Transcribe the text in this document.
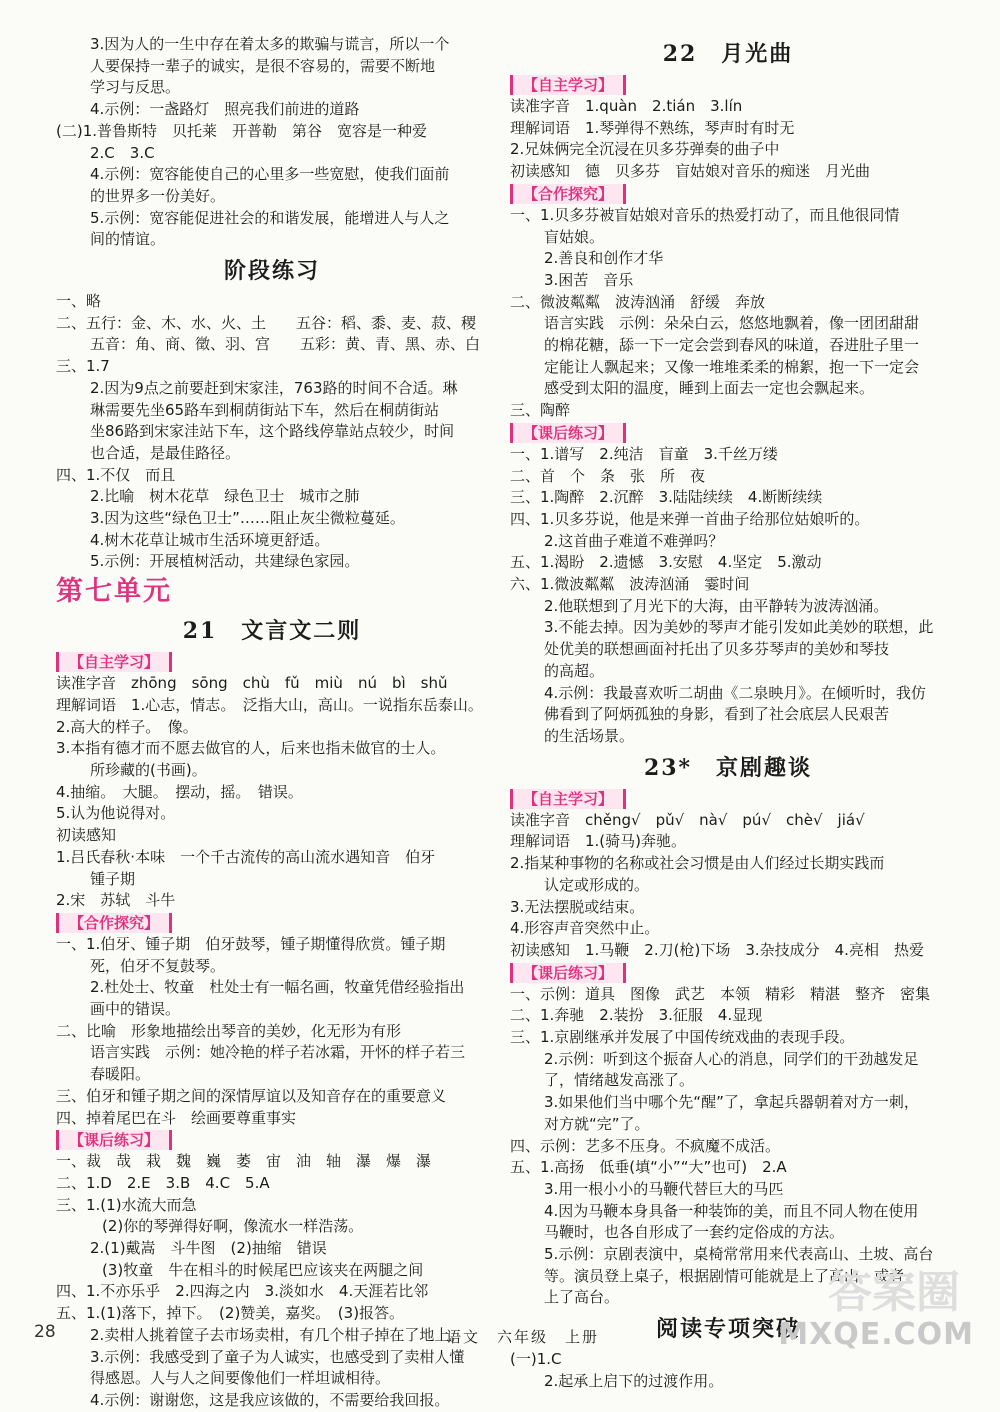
3.因为人的一生中存在着太多的欺骗与谎言，所以一个
人要保持一辈子的诚实，是很不容易的，需要不断地
学习与反思。
4.示例：一盏路灯　照亮我们前进的道路
(二)1.普鲁斯特　贝托莱　开普勒　第谷　宽容是一种爱
2.C　3.C
4.示例：宽容能使自己的心里多一些宽慰，使我们面前
的世界多一份美好。
5.示例：宽容能促进社会的和谐发展，能增进人与人之
间的情谊。
阶段练习
一、略
二、五行：金、木、水、火、土　　五谷：稻、黍、麦、菽、稷
五音：角、商、徵、羽、宫　　五彩：黄、青、黑、赤、白
三、1.7
2.因为9点之前要赶到宋家洼，763路的时间不合适。琳
琳需要先坐65路车到桐荫街站下车，然后在桐荫街站
坐86路到宋家洼站下车，这个路线停靠站点较少，时间
也合适，是最佳路径。
四、1.不仅　而且
2.比喻　树木花草　绿色卫士　城市之肺
3.因为这些“绿色卫士”……阻止灰尘微粒蔓延。
4.树木花草让城市生活环境更舒适。
5.示例：开展植树活动，共建绿色家园。
第七单元
21　文言文二则
【自主学习】
读准字音　zhōng　sōng　chù　fǔ　miù　nú　bì　shǔ
理解词语　1.心志，情志。　泛指大山，高山。一说指东岳泰山。
2.高大的样子。　像。
3.本指有德才而不愿去做官的人，后来也指未做官的士人。
所珍藏的(书画)。
4.抽缩。　大腿。　摆动，摇。　错误。
5.认为他说得对。
初读感知
1.吕氏春秋·本味　一个千古流传的高山流水遇知音　伯牙
锺子期
2.宋　苏轼　斗牛
【合作探究】
一、1.伯牙、锺子期　伯牙鼓琴，锺子期懂得欣赏。锺子期
死，伯牙不复鼓琴。
2.杜处士、牧童　杜处士有一幅名画，牧童凭借经验指出
画中的错误。
二、比喻　形象地描绘出琴音的美妙，化无形为有形
语言实践　示例：她冷艳的样子若冰霜，开怀的样子若三
春暖阳。
三、伯牙和锺子期之间的深情厚谊以及知音存在的重要意义
四、掉着尾巴在斗　绘画要尊重事实
【课后练习】
一、裁　哉　栽　魏　巍　萎　宙　油　轴　瀑　爆　瀑
二、1.D　2.E　3.B　4.C　5.A
三、1.(1)水流大而急
(2)你的琴弹得好啊，像流水一样浩荡。
2.(1)戴嵩　斗牛图　(2)抽缩　错误
(3)牧童　牛在相斗的时候尾巴应该夹在两腿之间
四、1.不亦乐乎　2.四海之内　3.淡如水　4.天涯若比邻
五、1.(1)落下，掉下。　(2)赞美，嘉奖。　(3)报答。
2.卖柑人挑着筐子去市场卖柑，有几个柑子掉在了地上。
3.示例：我感受到了童子为人诚实，也感受到了卖柑人懂
得感恩。人与人之间要像他们一样坦诚相待。
4.示例：谢谢您，这是我应该做的，不需要给我回报。
22　月光曲
【自主学习】
读准字音　1.quàn　2.tián　3.lín
理解词语　1.琴弹得不熟练，琴声时有时无
2.兄妹俩完全沉浸在贝多芬弹奏的曲子中
初读感知　德　贝多芬　盲姑娘对音乐的痴迷　月光曲
【合作探究】
一、1.贝多芬被盲姑娘对音乐的热爱打动了，而且他很同情
盲姑娘。
2.善良和创作才华
3.困苦　音乐
二、微波粼粼　波涛汹涌　舒缓　奔放
语言实践　示例：朵朵白云，悠悠地飘着，像一团团甜甜
的棉花糖，舔一下一定会尝到春风的味道，吞进肚子里一
定能让人飘起来；又像一堆堆柔柔的棉絮，抱一下一定会
感受到太阳的温度，睡到上面去一定也会飘起来。
三、陶醉
【课后练习】
一、1.谱写　2.纯洁　盲童　3.千丝万缕
二、首　个　条　张　所　夜
三、1.陶醉　2.沉醉　3.陆陆续续　4.断断续续
四、1.贝多芬说，他是来弹一首曲子给那位姑娘听的。
2.这首曲子难道不难弹吗？
五、1.渴盼　2.遗憾　3.安慰　4.坚定　5.激动
六、1.微波粼粼　波涛汹涌　霎时间
2.他联想到了月光下的大海，由平静转为波涛汹涌。
3.不能去掉。因为美妙的琴声才能引发如此美妙的联想，此
处优美的联想画面衬托出了贝多芬琴声的美妙和琴技
的高超。
4.示例：我最喜欢听二胡曲《二泉映月》。在倾听时，我仿
佛看到了阿炳孤独的身影，看到了社会底层人民艰苦
的生活场景。
23*　京剧趣谈
【自主学习】
读准字音　chěng√　pǔ√　nà√　pú√　chè√　jiá√
理解词语　1.(骑马)奔驰。
2.指某种事物的名称或社会习惯是由人们经过长期实践而
认定或形成的。
3.无法摆脱或结束。
4.形容声音突然中止。
初读感知　1.马鞭　2.刀(枪)下场　3.杂技成分　4.亮相　热爱
【课后练习】
一、示例：道具　图像　武艺　本领　精彩　精湛　整齐　密集
二、1.奔驰　2.装扮　3.征服　4.显现
三、1.京剧继承并发展了中国传统戏曲的表现手段。
2.示例：听到这个振奋人心的消息，同学们的干劲越发足
了，情绪越发高涨了。
3.如果他们当中哪个先“醒”了，拿起兵器朝着对方一刺，
对方就“完”了。
四、示例：艺多不压身。不疯魔不成活。
五、1.高扬　低垂(填“小”“大”也可)　2.A
3.用一根小小的马鞭代替巨大的马匹
4.因为马鞭本身具备一种装饰的美，而且不同人物在使用
马鞭时，也各自形成了一套约定俗成的方法。
5.示例：京剧表演中，桌椅常常用来代表高山、土坡、高台
等。演员登上桌子，根据剧情可能就是上了高山，或者
上了高台。
阅读专项突破
(一)1.C
2.起承上启下的过渡作用。
28	语文　六年级　上册
答案圈
MXQE.COM
